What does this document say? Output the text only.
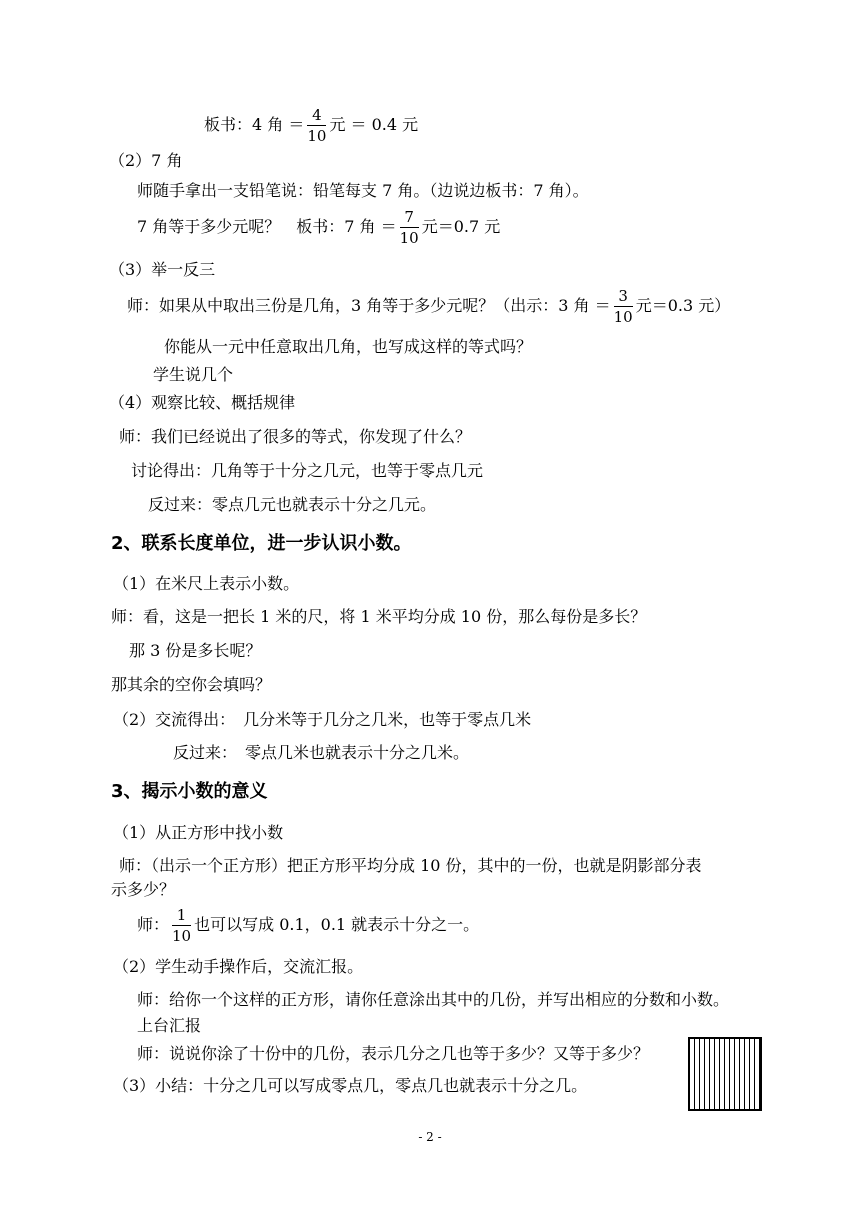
板书：4 角 ＝ $\frac{4}{10}$ 元 ＝ 0.4 元
（2）7 角
师随手拿出一支铅笔说：铅笔每支 7 角。（边说边板书：7 角）。
7 角等于多少元呢？　板书：7 角 ＝ $\frac{7}{10}$ 元＝0.7 元
（3）举一反三
师：如果从中取出三份是几角，3 角等于多少元呢？（出示：3 角 ＝ $\frac{3}{10}$ 元＝0.3 元）
你能从一元中任意取出几角，也写成这样的等式吗？
学生说几个
（4）观察比较、概括规律
师：我们已经说出了很多的等式，你发现了什么？
讨论得出：几角等于十分之几元，也等于零点几元
反过来：零点几元也就表示十分之几元。
2、联系长度单位，进一步认识小数。
（1）在米尺上表示小数。
师：看，这是一把长 1 米的尺，将 1 米平均分成 10 份，那么每份是多长？
那 3 份是多长呢？
那其余的空你会填吗？
（2）交流得出：　几分米等于几分之几米，也等于零点几米
反过来：　零点几米也就表示十分之几米。
3、揭示小数的意义
（1）从正方形中找小数
师：（出示一个正方形）把正方形平均分成 10 份，其中的一份，也就是阴影部分表
示多少？
师： $\frac{1}{10}$ 也可以写成 0.1，0.1 就表示十分之一。
（2）学生动手操作后，交流汇报。
师：给你一个这样的正方形，请你任意涂出其中的几份，并写出相应的分数和小数。
上台汇报
师：说说你涂了十份中的几份，表示几分之几也等于多少？又等于多少？
（3）小结：十分之几可以写成零点几，零点几也就表示十分之几。
- 2 -
